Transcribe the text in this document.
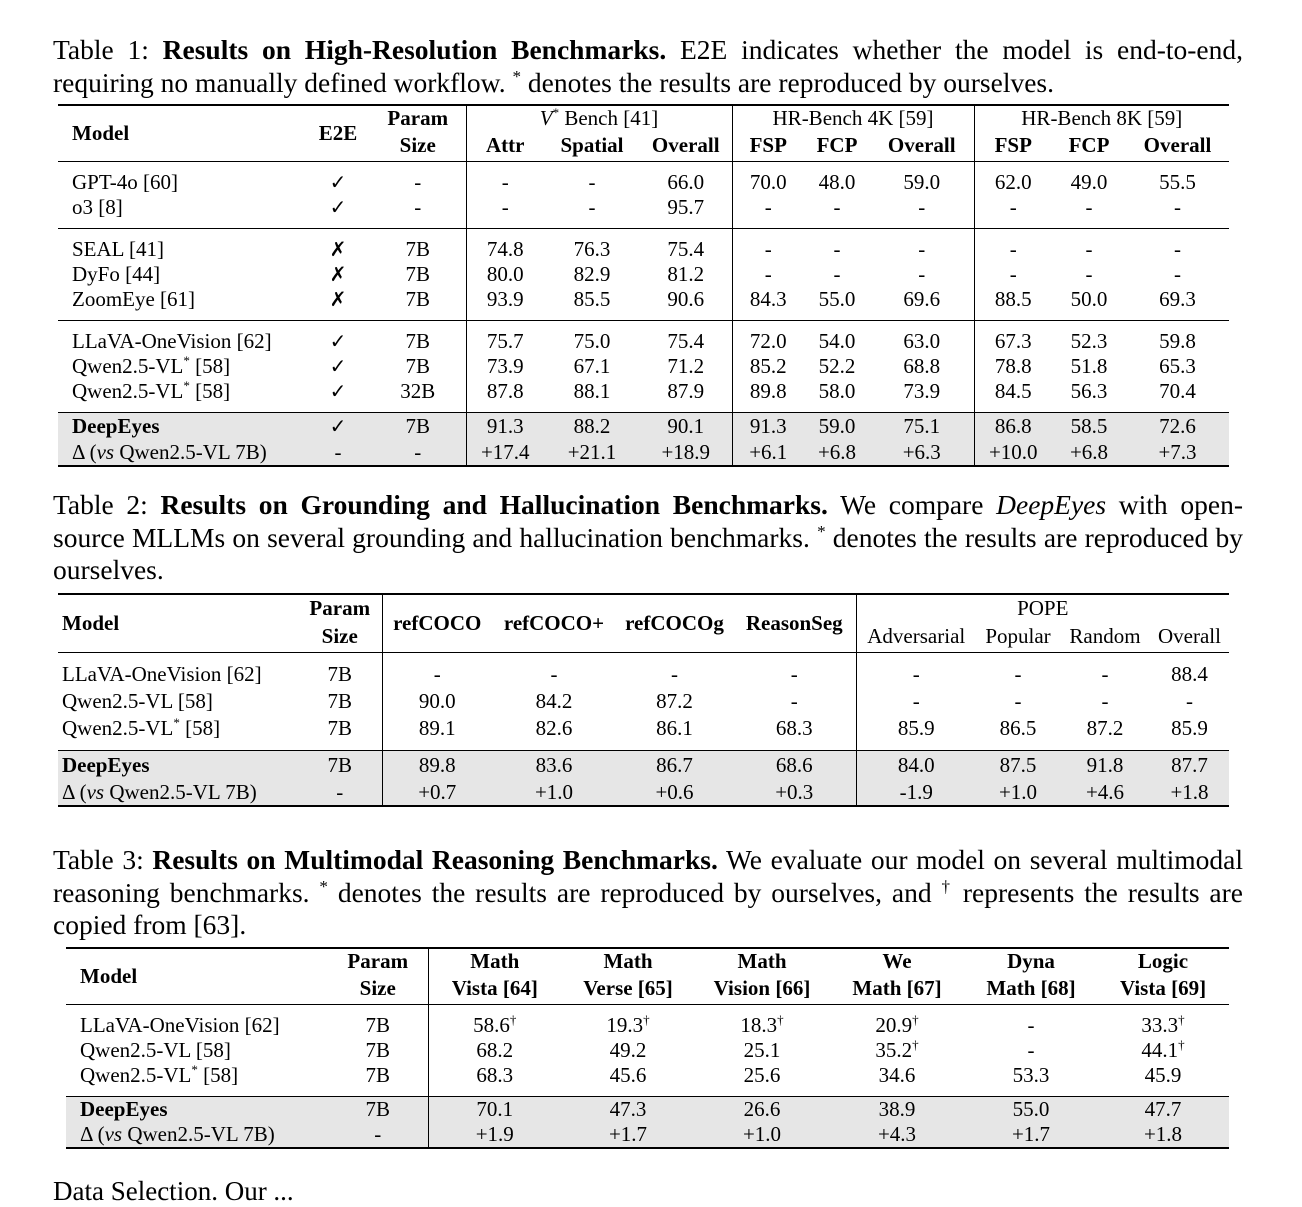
Table 1: Results on High-Resolution Benchmarks. E2E indicates whether the model is end-to-end, requiring no manually defined workflow. * denotes the results are reproduced by ourselves.
Model	E2E	Param	V* Bench [41]			HR-Bench 4K [59]			HR-Bench 8K [59]		
		Size	Attr	Spatial	Overall	FSP	FCP	Overall	FSP	FCP	Overall

GPT-4o [60]	✓	-	-	-	66.0	70.0	48.0	59.0	62.0	49.0	55.5
o3 [8]	✓	-	-	-	95.7	-	-	-	-	-	-

SEAL [41]	✗	7B	74.8	76.3	75.4	-	-	-	-	-	-
DyFo [44]	✗	7B	80.0	82.9	81.2	-	-	-	-	-	-
ZoomEye [61]	✗	7B	93.9	85.5	90.6	84.3	55.0	69.6	88.5	50.0	69.3

LLaVA-OneVision [62]	✓	7B	75.7	75.0	75.4	72.0	54.0	63.0	67.3	52.3	59.8
Qwen2.5-VL* [58]	✓	7B	73.9	67.1	71.2	85.2	52.2	68.8	78.8	51.8	65.3
Qwen2.5-VL* [58]	✓	32B	87.8	88.1	87.9	89.8	58.0	73.9	84.5	56.3	70.4

DeepEyes	✓	7B	91.3	88.2	90.1	91.3	59.0	75.1	86.8	58.5	72.6
Δ (vs Qwen2.5-VL 7B)	-	-	+17.4	+21.1	+18.9	+6.1	+6.8	+6.3	+10.0	+6.8	+7.3
Table 2: Results on Grounding and Hallucination Benchmarks. We compare DeepEyes with open-source MLLMs on several grounding and hallucination benchmarks. * denotes the results are reproduced by ourselves.
Model	Param	refCOCO	refCOCO+	refCOCOg	ReasonSeg	POPE			
	Size					Adversarial	Popular	Random	Overall

LLaVA-OneVision [62]	7B	-	-	-	-	-	-	-	88.4
Qwen2.5-VL [58]	7B	90.0	84.2	87.2	-	-	-	-	-
Qwen2.5-VL* [58]	7B	89.1	82.6	86.1	68.3	85.9	86.5	87.2	85.9

DeepEyes	7B	89.8	83.6	86.7	68.6	84.0	87.5	91.8	87.7
Δ (vs Qwen2.5-VL 7B)	-	+0.7	+1.0	+0.6	+0.3	-1.9	+1.0	+4.6	+1.8
Table 3: Results on Multimodal Reasoning Benchmarks. We evaluate our model on several multimodal reasoning benchmarks. * denotes the results are reproduced by ourselves, and † represents the results are copied from [63].
Model	Param	Math	Math	Math	We	Dyna	Logic
	Size	Vista [64]	Verse [65]	Vision [66]	Math [67]	Math [68]	Vista [69]

LLaVA-OneVision [62]	7B	58.6†	19.3†	18.3†	20.9†	-	33.3†
Qwen2.5-VL [58]	7B	68.2	49.2	25.1	35.2†	-	44.1†
Qwen2.5-VL* [58]	7B	68.3	45.6	25.6	34.6	53.3	45.9

DeepEyes	7B	70.1	47.3	26.6	38.9	55.0	47.7
Δ (vs Qwen2.5-VL 7B)	-	+1.9	+1.7	+1.0	+4.3	+1.7	+1.8
Data Selection. Our ...
